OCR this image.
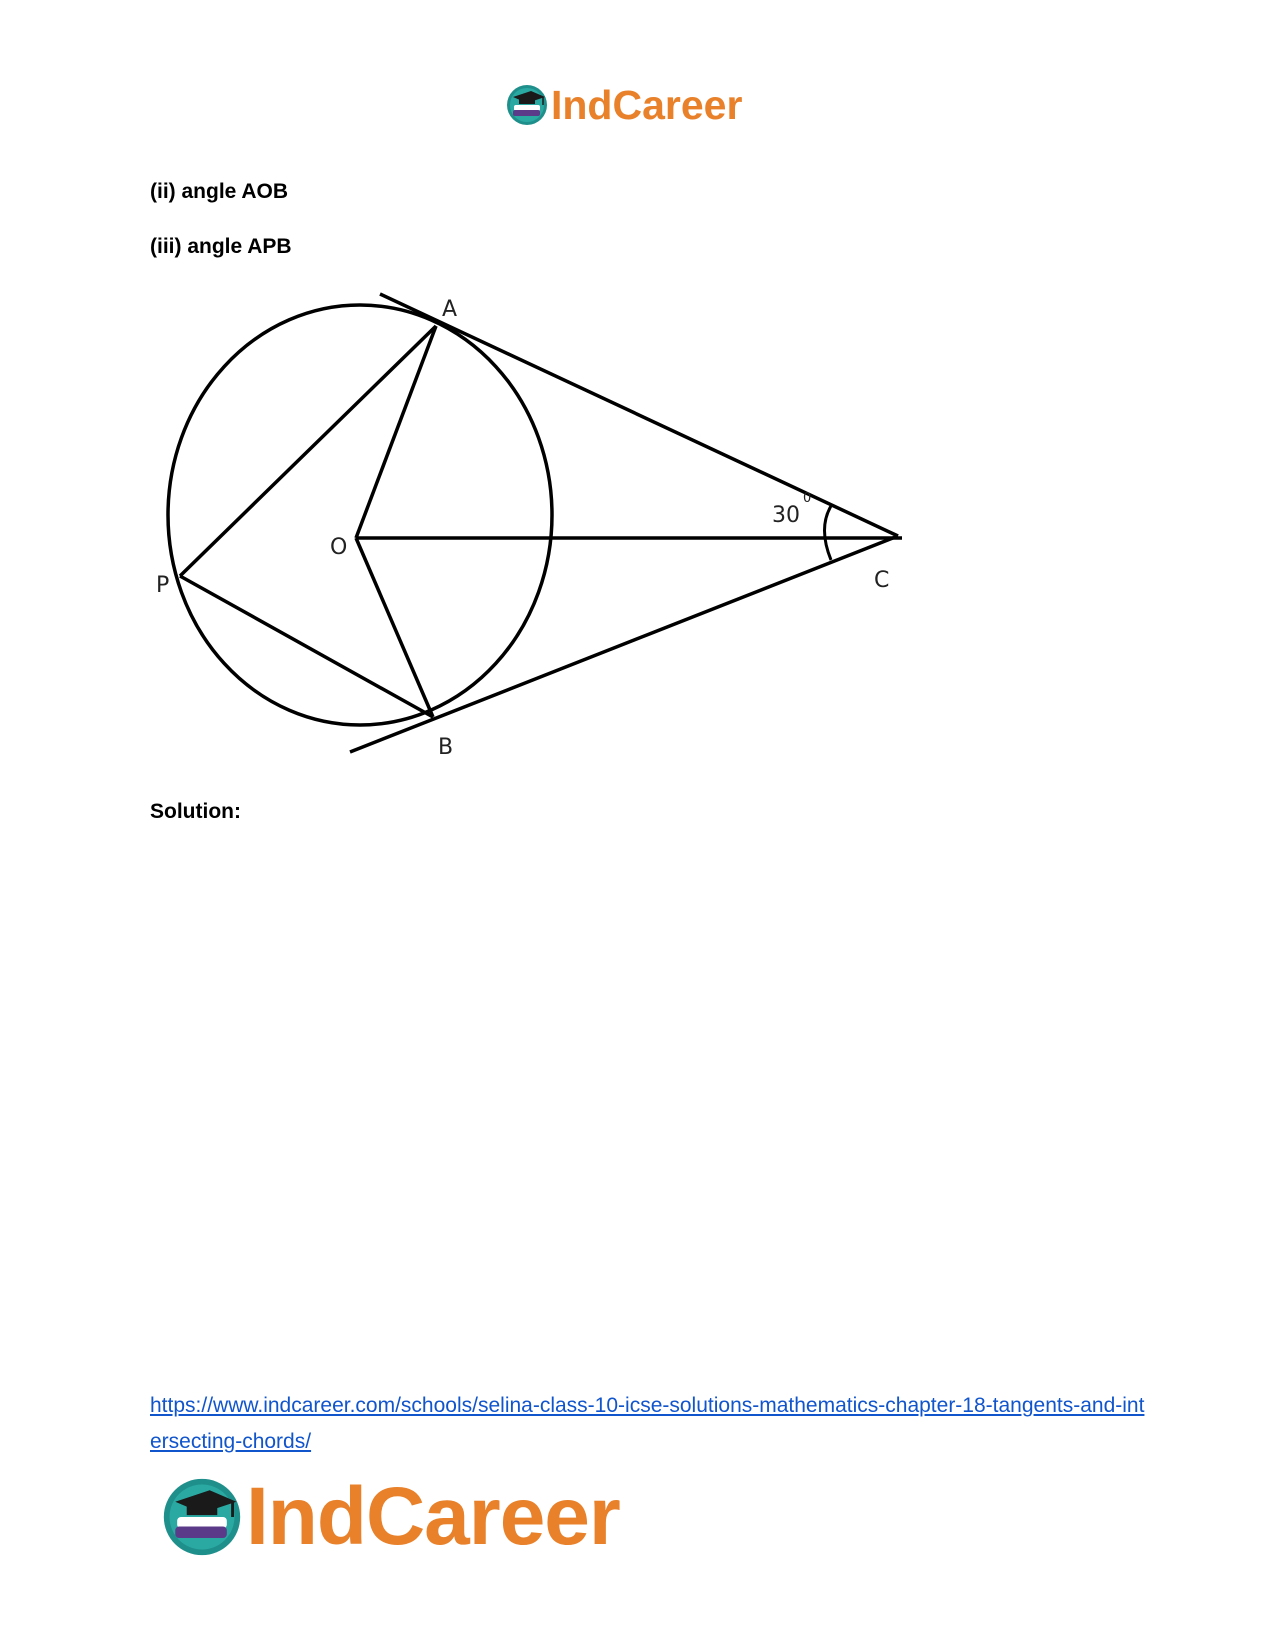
IndCareer
(ii) angle AOB
(iii) angle APB
A
B
C
O
P
30
0
Solution:
https://www.indcareer.com/schools/selina-class-10-icse-solutions-mathematics-chapter-18-tangents-and-intersecting-chords/
IndCareer
